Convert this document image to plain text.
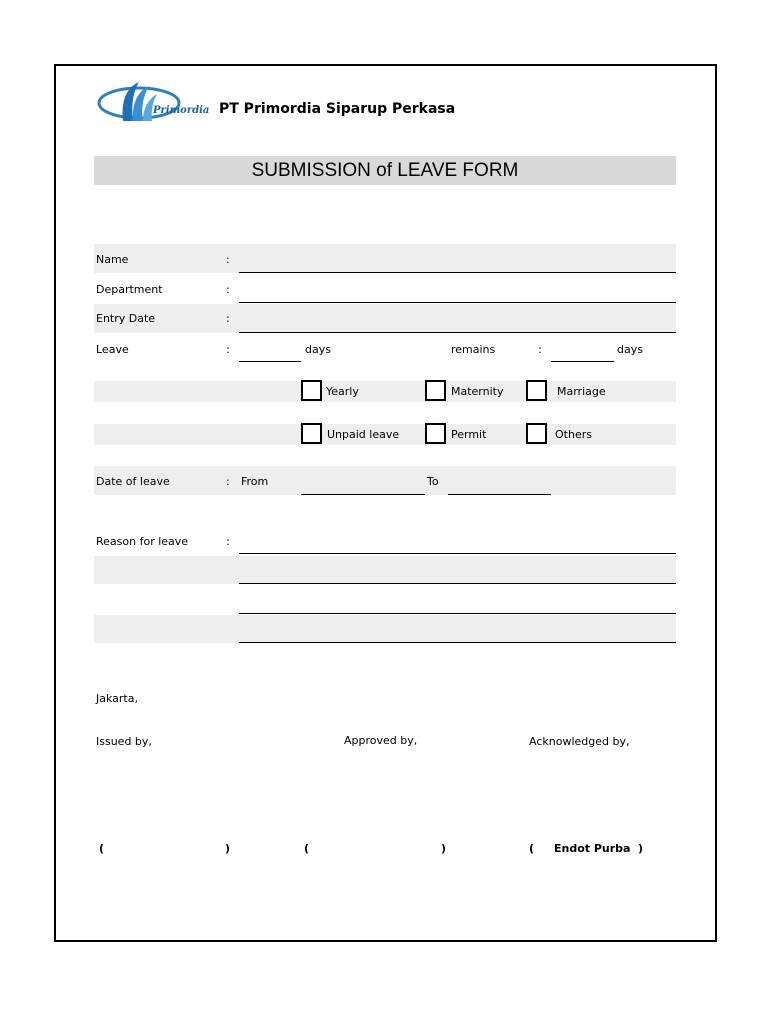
Primordia PT Primordia Siparup Perkasa
SUBMISSION of LEAVE FORM
Name	:
Department	:
Entry Date	:
Leave	:	days	remains	:	days
Yearly	Maternity	Marriage
Unpaid leave	Permit	Others
Date of leave	: From	To
Reason for leave	:
Jakarta,
Issued by,	Approved by,	Acknowledged by,
(	)	(	)	( Endot Purba )
